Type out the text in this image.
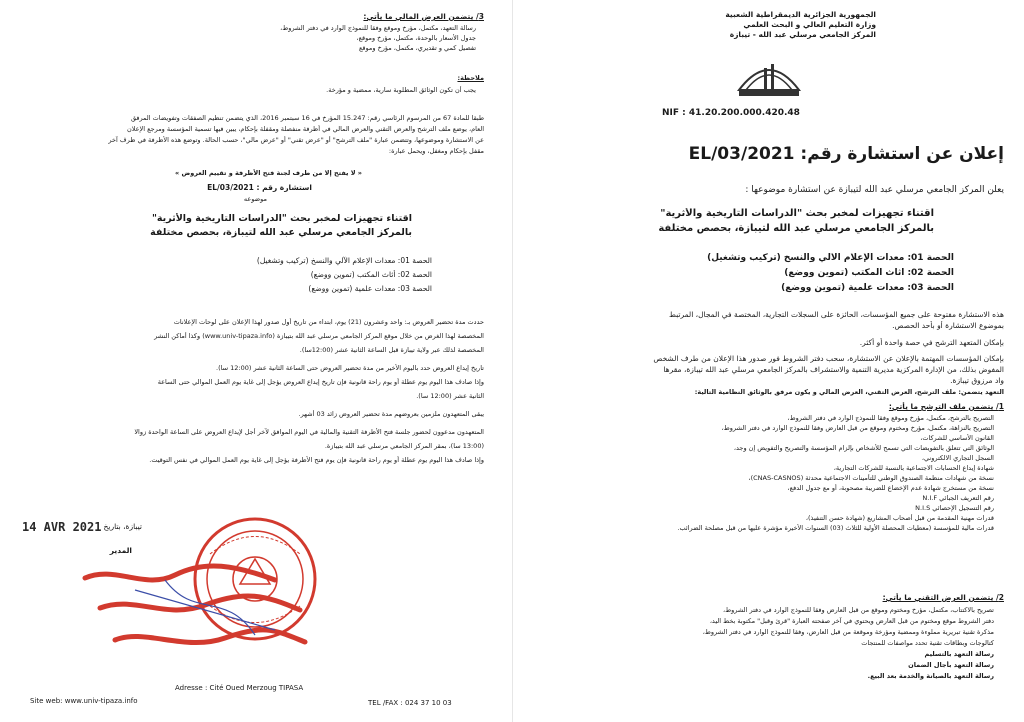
الجمهورية الجزائرية الديمقراطية الشعبية
وزارة التعليم العالي و البحث العلمي
المركز الجامعي مرسلي عبد الله - تيبازة
NIF : 41.20.200.000.420.48
إعلان عن استشارة رقم: 2021/EL/03
يعلن المركز الجامعي مرسلي عبد الله لتيبازة عن استشارة موضوعها :
اقتناء تجهيزات لمخبر بحث "الدراسات التاريخية والأثرية"
بالمركز الجامعي مرسلي عبد الله لتيبازة، بحصص مختلفة
الحصة 01: معدات الإعلام الآلي والنسخ (تركيب وتشغيل)
الحصة 02: أثاث المكتب (تموين ووضع)
الحصة 03: معدات علمية (تموين ووضع)
هذه الاستشارة مفتوحة على جميع المؤسسات، الحائزة على السجلات التجارية، المختصة في المجال، المرتبط
بموضوع الاستشارة أو بأحد الحصص.
بإمكان المتعهد الترشح في حصة واحدة أو أكثر.
بإمكان المؤسسات المهتمة بالإعلان عن الاستشارة، سحب دفتر الشروط فور صدور هذا الإعلان من طرف الشخص
المفوض بذلك، من الإدارة المركزية مديرية التنمية والاستشراف بالمركز الجامعي مرسلي عبد الله تيبازة، مقرها
واد مرزوق تيبازة.
التعهد يتضمن: ملف الترشح، العرض التقني، العرض المالي و يكون مرفق بالوثائق النظامية التالية:
1/ يتضمن ملف الترشح ما يأتي:
التصريح بالترشح، مكتمل، مؤرخ وموقع وفقا للنموذج الوارد في دفتر الشروط،
التصريح بالنزاهة، مكتمل، مؤرخ ومختوم وموقع من قبل العارض وفقا للنموذج الوارد في دفتر الشروط،
القانون الأساسي للشركات،
الوثائق التي تتعلق بالتفويضات التي تسمح للأشخاص بإلزام المؤسسة والتصريح والتفويض إن وجد،
السجل التجاري الالكتروني،
شهادة إيداع الحسابات الاجتماعية بالنسبة للشركات التجارية،
نسخة من شهادات منظمة الصندوق الوطني للتأمينات الاجتماعية محدثة (CNAS-CASNOS)،
نسخة من مستخرج شهادة عدم الإخضاع للضريبة مصحوبة، أو مع جدول الدفع،
رقم التعريف الجبائي N.I.F
رقم التسجيل الإحصائي N.I.S
قدرات مهنية المقدمة من قبل أصحاب المشاريع (شهادة حسن التنفيذ)،
قدرات مالية للمؤسسة (معطيات المحصلة الأولية للثلاث (03) السنوات الأخيرة مؤشرة عليها من قبل مصلحة الضرائب.
2/ يتضمن العرض التقني ما يأتي:
تصريح بالاكتتاب، مكتمل، مؤرخ ومختوم وموقع من قبل العارض وفقا للنموذج الوارد في دفتر الشروط،
دفتر الشروط موقع ومختوم من قبل العارض ويحتوي في آخر صفحته العبارة "قرئ وقبل" مكتوبة بخط اليد،
مذكرة تقنية تبريرية مملوءة وممضية ومؤرخة وموقعة من قبل العارض، وفقا للنموذج الوارد في دفتر الشروط،
كتالوجات وبطاقات تقنية تحدد مواصفات للمنتجات
رسالة التعهد بالتسليم
رسالة التعهد بأجال الضمان
رسالة التعهد بالصيانة والخدمة بعد البيع.
3/ يتضمن العرض المالي ما يأتي:
رسالة التعهد، مكتمل، مؤرخ وموقع وفقا للنموذج الوارد في دفتر الشروط،
جدول الأسعار بالوحدة، مكتمل، مؤرخ وموقع،
تفصيل كمي و تقديري، مكتمل، مؤرخ وموقع
ملاحظة:
يجب أن تكون الوثائق المطلوبة سارية، ممضية و مؤرخة.
طبقا للمادة 67 من المرسوم الرئاسي رقم: 15.247 المؤرخ في 16 سبتمبر 2016، الذي يتضمن تنظيم الصفقات وتفويضات المرفق
العام، يوضع ملف الترشح والعرض التقني والعرض المالي في أظرفة منفصلة ومقفلة بإحكام، يبين فيها تسمية المؤسسة ومرجع الإعلان
عن الاستشارة وموضوعها، وتتضمن عبارة "ملف الترشح" أو "عرض تقني" أو "عرض مالي"، حسب الحالة. وتوضع هذه الأظرفة في ظرف آخر
مقفل بإحكام ومغفل، ويحمل عبارة:
« لا يفتح إلا من طرف لجنة فتح الأظرفة و تقييم العروض »
استشارة رقم : 2021/EL/03
موضوعه
اقتناء تجهيزات لمخبر بحث "الدراسات التاريخية والأثرية"
بالمركز الجامعي مرسلي عبد الله لتيبازة، بحصص مختلفة
الحصة 01: معدات الإعلام الآلي والنسخ (تركيب وتشغيل)
الحصة 02: أثاث المكتب (تموين ووضع)
الحصة 03: معدات علمية (تموين ووضع)
حددت مدة تحضير العروض بـ: واحد وعشرون (21) يوم، ابتداء من تاريخ أول صدور لهذا الإعلان على لوحات الإعلانات
المخصصة لهذا الغرض من خلال موقع المركز الجامعي مرسلي عبد الله بتيبازة (www.univ-tipaza.info) وكذا أماكن النشر
المخصصة لذلك عبر ولاية تيبازة قبل الساعة الثانية عشر (12:00سا).
تاريخ إيداع العروض حدد باليوم الأخير من مدة تحضير العروض حتى الساعة الثانية عشر (12:00 سا).
وإذا صادف هذا اليوم يوم عطلة أو يوم راحة قانونية فإن تاريخ إيداع العروض يؤجل إلى غاية يوم العمل الموالي حتى الساعة
الثانية عشر (12:00 سا).
يبقى المتعهدون ملزمين بعروضهم مدة تحضير العروض زائد 03 أشهر.
المتعهدون مدعوون لحضور جلسة فتح الأظرفة التقنية والمالية في اليوم الموافق لآخر أجل لإيداع العروض على الساعة الواحدة زوالا
(13:00 سا)، بمقر المركز الجامعي مرسلي عبد الله بتيبازة.
وإذا صادف هذا اليوم يوم عطلة أو يوم راحة قانونية فإن يوم فتح الأظرفة يؤجل إلى غاية يوم العمل الموالي في نفس التوقيت.
14 AVR 2021 تيبازة، بتاريخ
المدير
Site web: www.univ-tipaza.info
Adresse : Cité Oued Merzoug TIPASA
TEL /FAX : 024 37 10 03
